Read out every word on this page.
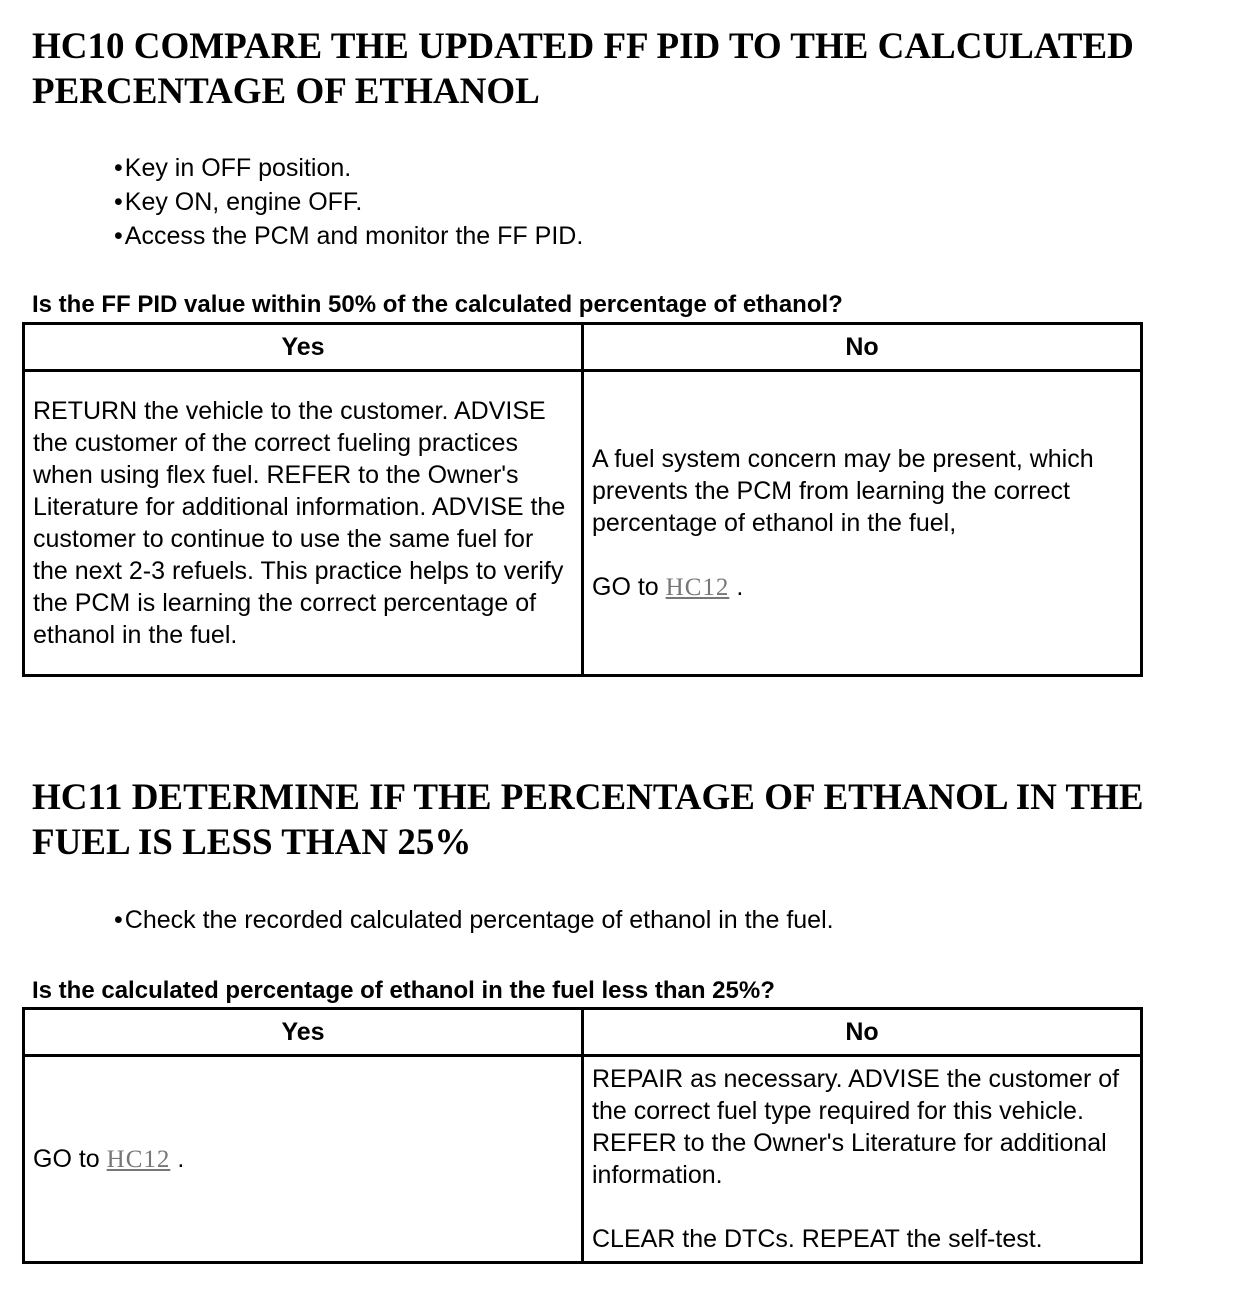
HC10 COMPARE THE UPDATED FF PID TO THE CALCULATED PERCENTAGE OF ETHANOL
• Key in OFF position.
• Key ON, engine OFF.
• Access the PCM and monitor the FF PID.

Is the FF PID value within 50% of the calculated percentage of ethanol?

Yes	No
RETURN the vehicle to the customer. ADVISE the customer of the correct fueling practices when using flex fuel. REFER to the Owner's Literature for additional information. ADVISE the customer to continue to use the same fuel for the next 2-3 refuels. This practice helps to verify the PCM is learning the correct percentage of ethanol in the fuel.	A fuel system concern may be present, which prevents the PCM from learning the correct percentage of ethanol in the fuel,
GO to HC12 .
HC11 DETERMINE IF THE PERCENTAGE OF ETHANOL IN THE FUEL IS LESS THAN 25%
• Check the recorded calculated percentage of ethanol in the fuel.

Is the calculated percentage of ethanol in the fuel less than 25%?

Yes	No
GO to HC12 .	REPAIR as necessary. ADVISE the customer of the correct fuel type required for this vehicle. REFER to the Owner's Literature for additional information.
CLEAR the DTCs. REPEAT the self-test.
